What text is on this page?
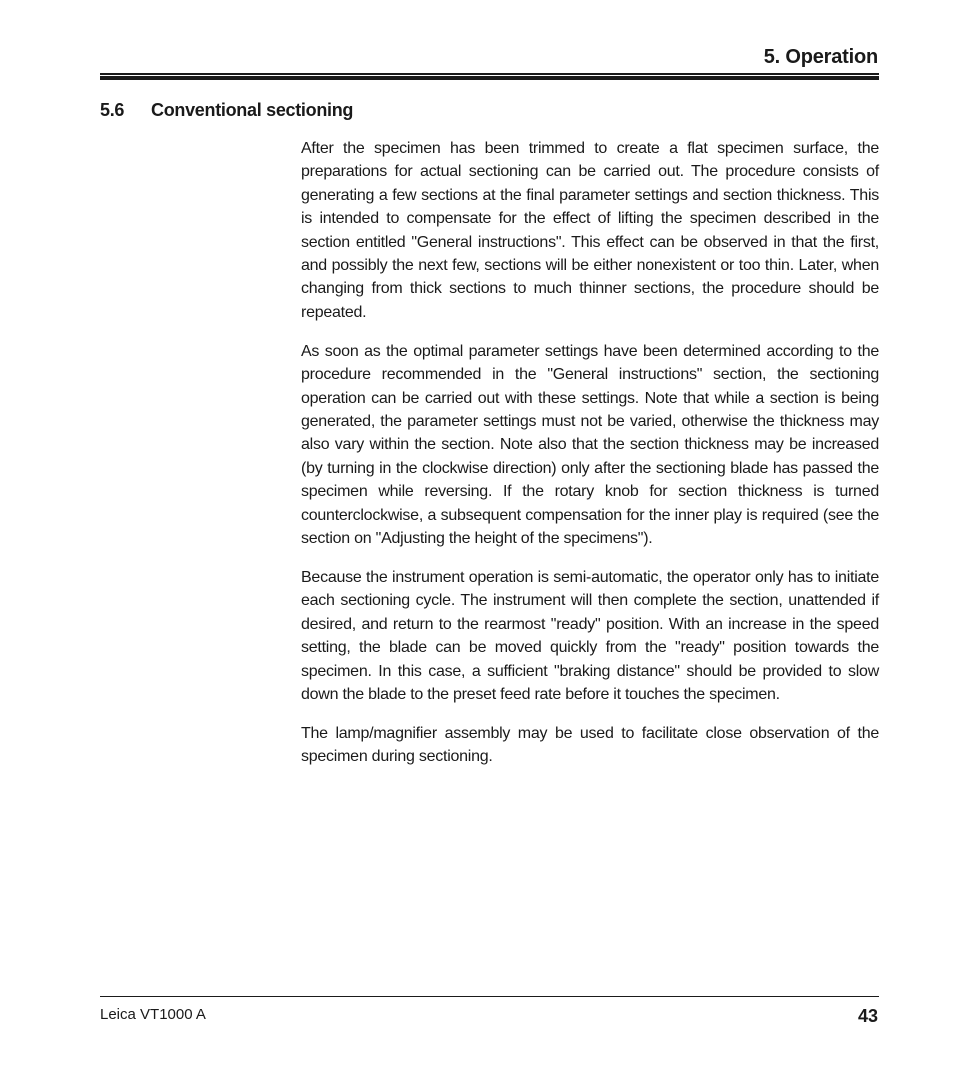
5. Operation
5.6 Conventional sectioning

After the specimen has been trimmed to create a flat specimen surface, the preparations for actual sectioning can be carried out. The procedure consists of generating a few sections at the final parameter settings and section thickness. This is intended to compensate for the effect of lifting the specimen described in the section entitled "General instructions". This effect can be observed in that the first, and possibly the next few, sections will be either nonexistent or too thin. Later, when changing from thick sections to much thinner sections, the procedure should be repeated.

As soon as the optimal parameter settings have been determined according to the procedure recommended in the "General instructions" section, the sectioning operation can be carried out with these settings. Note that while a section is being generated, the parameter settings must not be varied, otherwise the thickness may also vary within the section. Note also that the section thickness may be increased (by turning in the clockwise direction) only after the sectioning blade has passed the specimen while reversing. If the rotary knob for section thickness is turned counterclockwise, a subsequent compensation for the inner play is required (see the section on "Adjusting the height of the specimens").

Because the instrument operation is semi-automatic, the operator only has to initiate each sectioning cycle. The instrument will then complete the section, unattended if desired, and return to the rearmost "ready" position. With an increase in the speed setting, the blade can be moved quickly from the "ready" position towards the specimen. In this case, a sufficient "braking distance" should be provided to slow down the blade to the preset feed rate before it touches the specimen.

The lamp/magnifier assembly may be used to facilitate close observation of the specimen during sectioning.

Leica VT1000 A	43
